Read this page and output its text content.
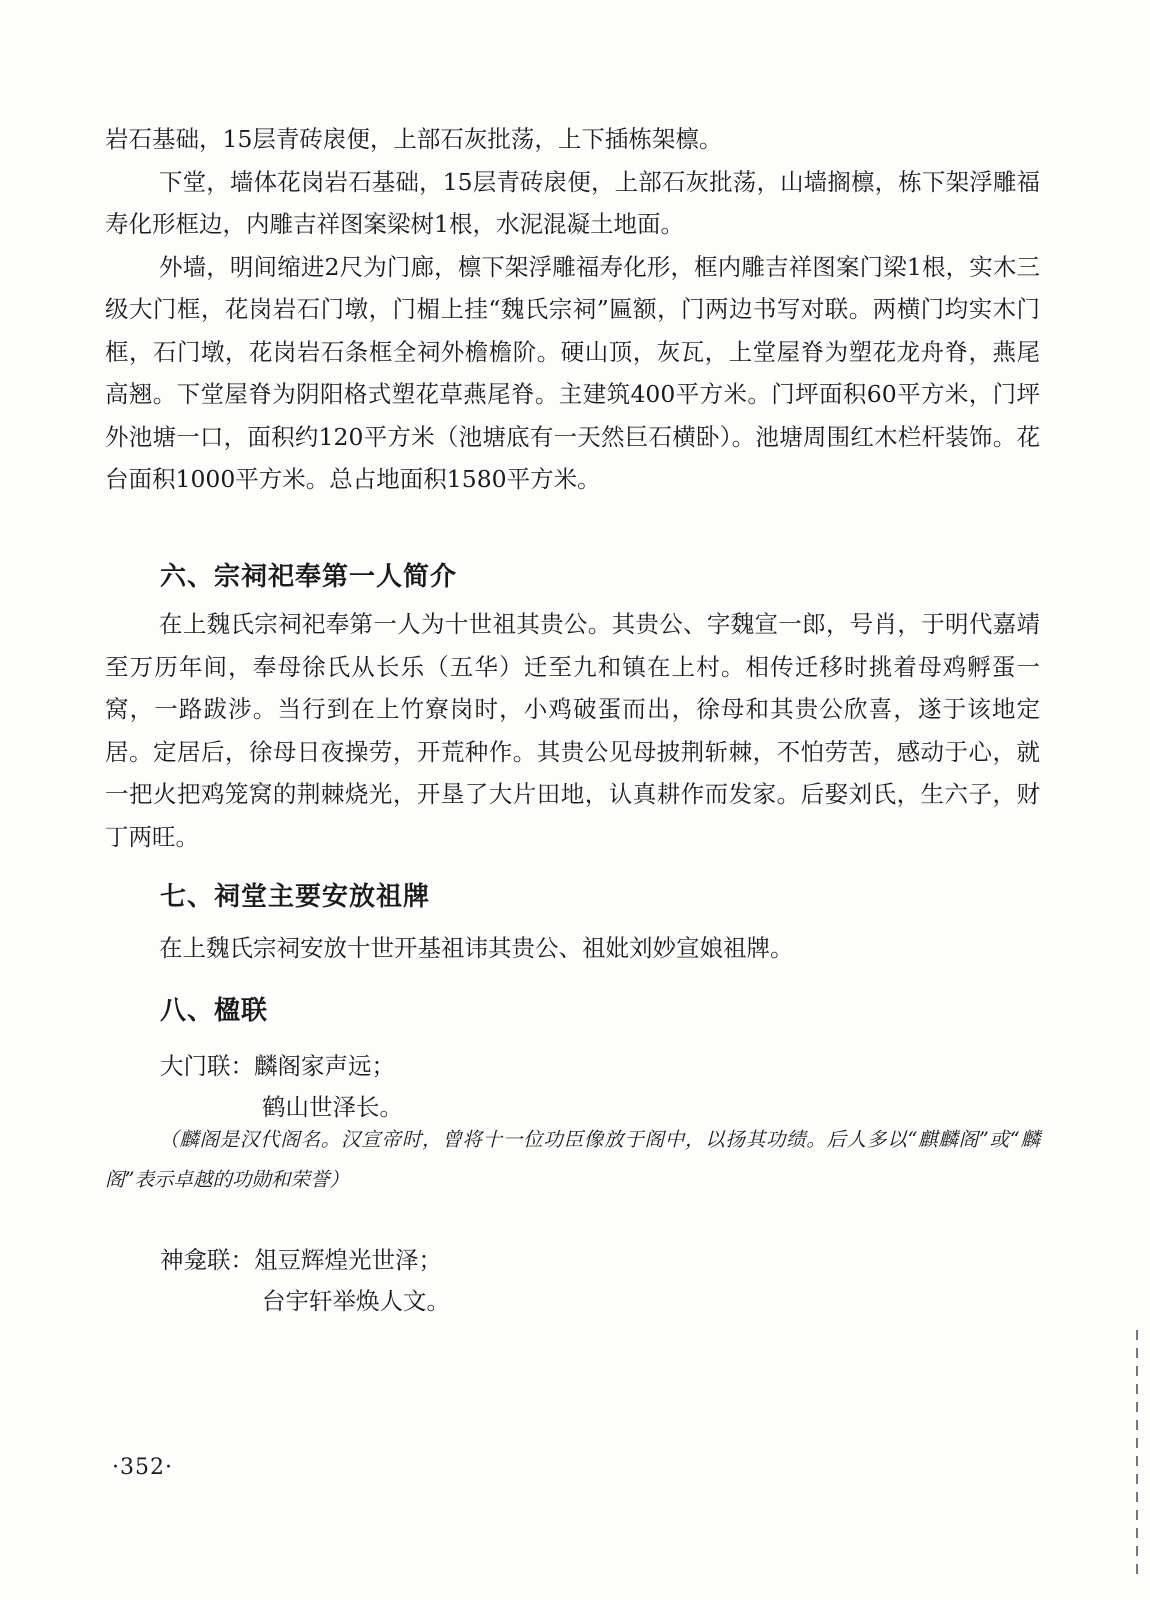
岩石基础，15层青砖扆便，上部石灰批荡，上下插栋架檩。

下堂，墙体花岗岩石基础，15层青砖扆便，上部石灰批荡，山墙搁檩，栋下架浮雕福寿化形框边，内雕吉祥图案梁树1根，水泥混凝土地面。

外墙，明间缩进2尺为门廊，檩下架浮雕福寿化形，框内雕吉祥图案门梁1根，实木三级大门框，花岗岩石门墩，门楣上挂“魏氏宗祠”匾额，门两边书写对联。两横门均实木门框，石门墩，花岗岩石条框全祠外檐檐阶。硬山顶，灰瓦，上堂屋脊为塑花龙舟脊，燕尾高翘。下堂屋脊为阴阳格式塑花草燕尾脊。主建筑400平方米。门坪面积60平方米，门坪外池塘一口，面积约120平方米（池塘底有一天然巨石横卧）。池塘周围红木栏杆装饰。花台面积1000平方米。总占地面积1580平方米。

六、宗祠祀奉第一人简介

在上魏氏宗祠祀奉第一人为十世祖其贵公。其贵公、字魏宣一郎，号肖，于明代嘉靖至万历年间，奉母徐氏从长乐（五华）迁至九和镇在上村。相传迁移时挑着母鸡孵蛋一窝，一路跋涉。当行到在上竹寮岗时，小鸡破蛋而出，徐母和其贵公欣喜，遂于该地定居。定居后，徐母日夜操劳，开荒种作。其贵公见母披荆斩棘，不怕劳苦，感动于心，就一把火把鸡笼窝的荆棘烧光，开垦了大片田地，认真耕作而发家。后娶刘氏，生六子，财丁两旺。

七、祠堂主要安放祖牌

在上魏氏宗祠安放十世开基祖讳其贵公、祖妣刘妙宣娘祖牌。

八、楹联

大门联：麟阁家声远；

鹤山世泽长。

（麟阁是汉代阁名。汉宣帝时，曾将十一位功臣像放于阁中，以扬其功绩。后人多以“麒麟阁”或“麟阁”表示卓越的功勋和荣誉）

神龛联：俎豆辉煌光世泽；

台宇轩举焕人文。

·352·
